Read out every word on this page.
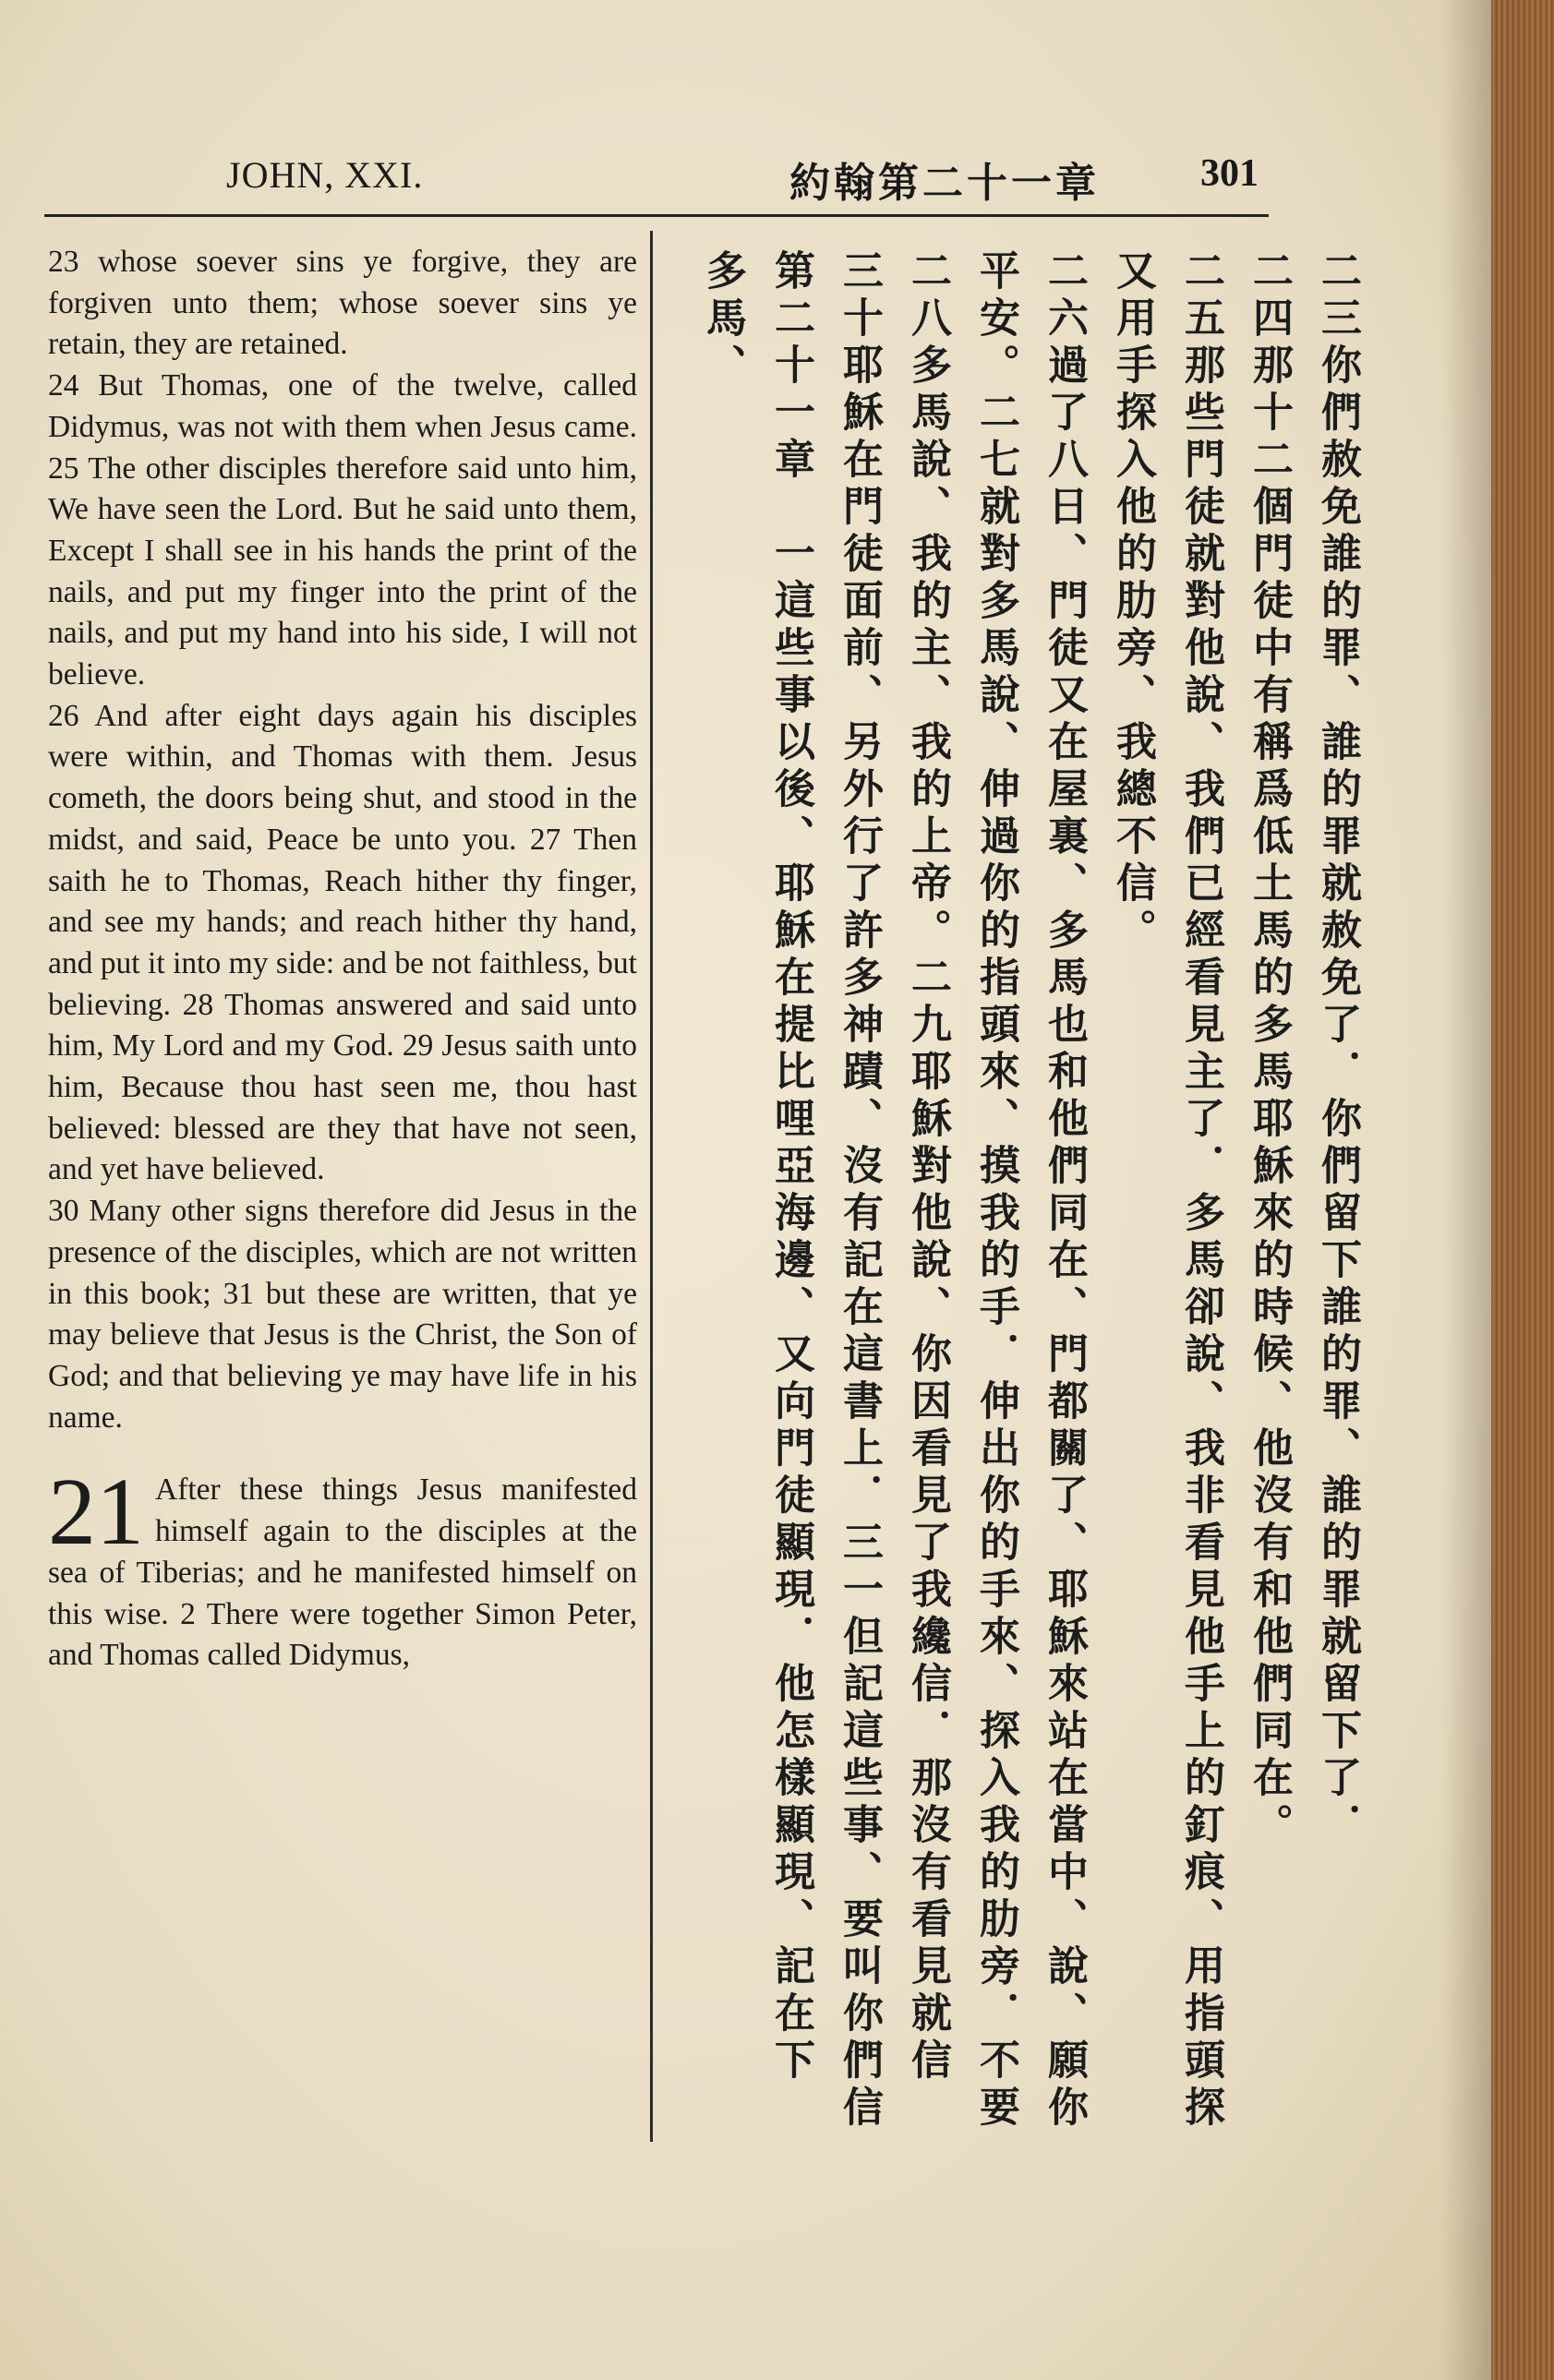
JOHN, XXI.	約翰第二十一章	301

23 whose soever sins ye forgive, they are forgiven unto them; whose soever sins ye retain, they are retained.

24 But Thomas, one of the twelve, called Didymus, was not with them when Jesus came. 25 The other disciples therefore said unto him, We have seen the Lord. But he said unto them, Except I shall see in his hands the print of the nails, and put my finger into the print of the nails, and put my hand into his side, I will not believe.

26 And after eight days again his disciples were within, and Thomas with them. Jesus cometh, the doors being shut, and stood in the midst, and said, Peace be unto you. 27 Then saith he to Thomas, Reach hither thy finger, and see my hands; and reach hither thy hand, and put it into my side: and be not faithless, but believing. 28 Thomas answered and said unto him, My Lord and my God. 29 Jesus saith unto him, Because thou hast seen me, thou hast believed: blessed are they that have not seen, and yet have believed.

30 Many other signs therefore did Jesus in the presence of the disciples, which are not written in this book; 31 but these are written, that ye may believe that Jesus is the Christ, the Son of God; and that believing ye may have life in his name.

21 After these things Jesus manifested himself again to the disciples at the sea of Tiberias; and he manifested himself on this wise. 2 There were together Simon Peter, and Thomas called Didymus,	二三你們赦免誰的罪、誰的罪就赦免了．你們留下誰的罪、誰的罪就留下了．
二四那十二個門徒中有稱爲低土馬的多馬耶穌來的時候、他沒有和他們同在。
二五那些門徒就對他說、我們已經看見主了．多馬卻說、我非看見他手上的釘痕、用指頭探
又用手探入他的肋旁、我總不信。
二六過了八日、門徒又在屋裏、多馬也和他們同在、門都關了、耶穌來站在當中、說、願你
平安。二七就對多馬說、伸過你的指頭來、摸我的手．伸出你的手來、探入我的肋旁．不要
二八多馬說、我的主、我的上帝。二九耶穌對他說、你因看見了我纔信．那沒有看見就信
三十耶穌在門徒面前、另外行了許多神蹟、沒有記在這書上．三一但記這些事、要叫你們信
第二十一章　一這些事以後、耶穌在提比哩亞海邊、又向門徒顯現．他怎樣顯現、記在下
多馬、
